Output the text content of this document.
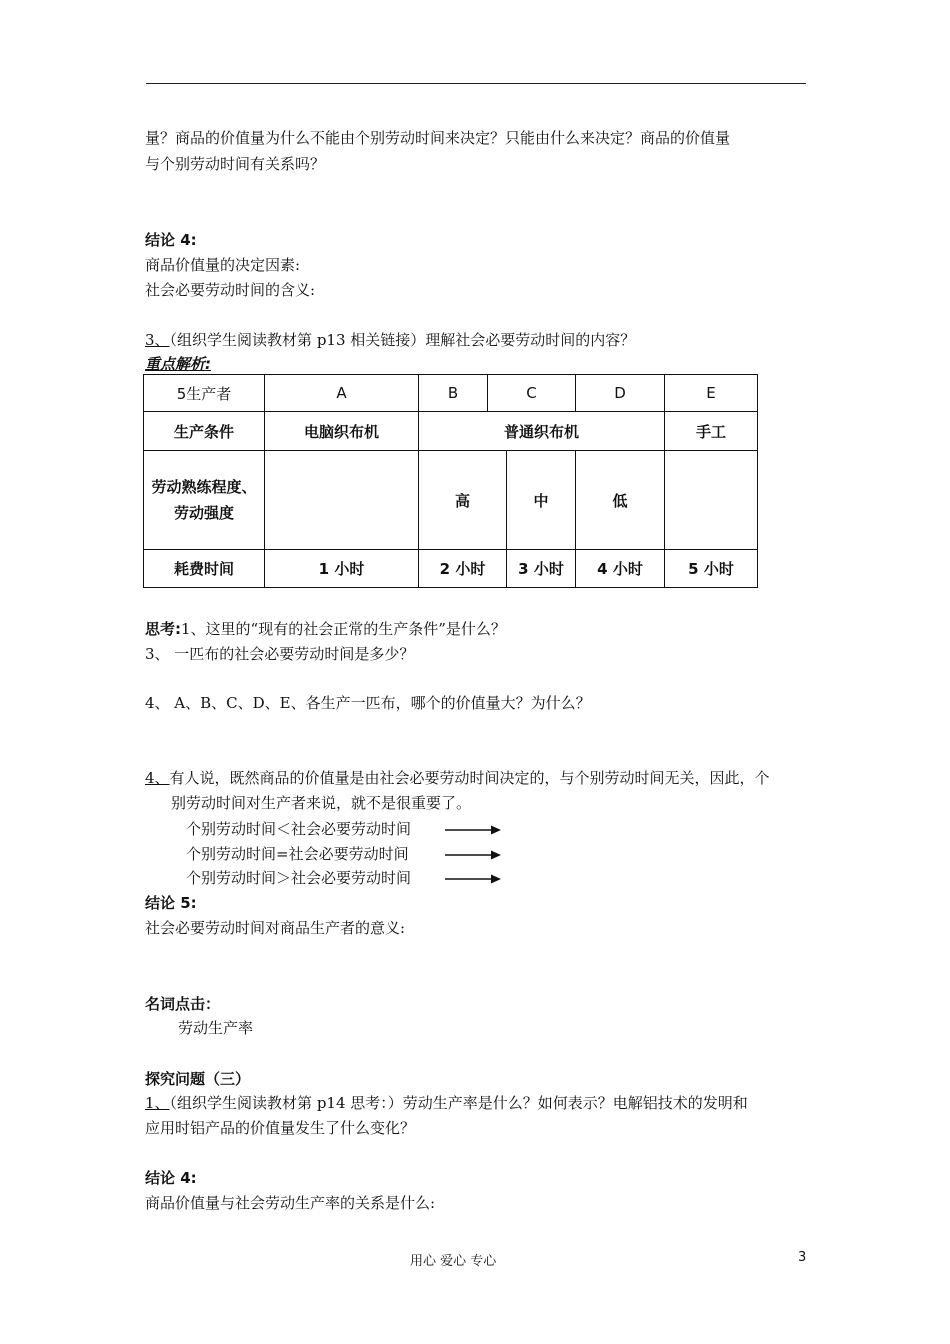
量？商品的价值量为什么不能由个别劳动时间来决定？只能由什么来决定？商品的价值量
与个别劳动时间有关系吗？
结论 4:
商品价值量的决定因素:
社会必要劳动时间的含义:
3、（组织学生阅读教材第 p13 相关链接）理解社会必要劳动时间的内容？
重点解析:
5生产者	A	B	C		D	E
生产条件	电脑织布机	普通织布机				手工

劳动熟练程度、
劳动强度		高		中	低	
耗费时间	1 小时	2 小时		3 小时	4 小时	5 小时
思考:1、这里的“现有的社会正常的生产条件”是什么？
3、 一匹布的社会必要劳动时间是多少？
4、 A、B、C、D、E、各生产一匹布，哪个的价值量大？为什么？
4、有人说，既然商品的价值量是由社会必要劳动时间决定的，与个别劳动时间无关，因此，个
别劳动时间对生产者来说，就不是很重要了。
个别劳动时间＜社会必要劳动时间
个别劳动时间=社会必要劳动时间
个别劳动时间＞社会必要劳动时间
结论 5:
社会必要劳动时间对商品生产者的意义:
名词点击：
劳动生产率
探究问题（三）
1、（组织学生阅读教材第 p14 思考：）劳动生产率是什么？如何表示？电解铝技术的发明和
应用时铝产品的价值量发生了什么变化？
结论 4:
商品价值量与社会劳动生产率的关系是什么:
用心 爱心 专心	3
